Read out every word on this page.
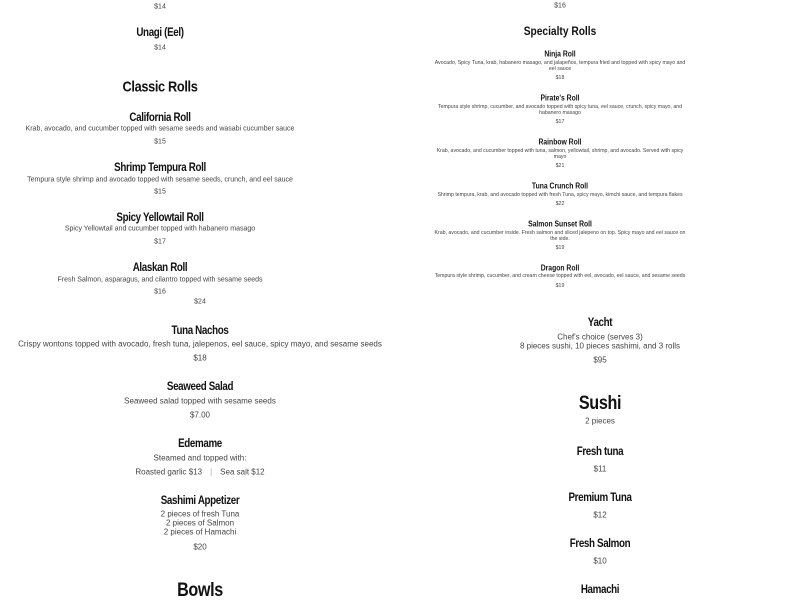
$14
Unagi (Eel)
$14
Classic Rolls
California Roll
Krab, avocado, and cucumber topped with sesame seeds and wasabi cucumber sauce
$15
Shrimp Tempura Roll
Tempura style shrimp and avocado topped with sesame seeds, crunch, and eel sauce
$15
Spicy Yellowtail Roll
Spicy Yellowtail and cucumber topped with habanero masago
$17
Alaskan Roll
Fresh Salmon, asparagus, and cilantro topped with sesame seeds
$16
$24
Tuna Nachos
Crispy wontons topped with avocado, fresh tuna, jalepenos, eel sauce, spicy mayo, and sesame seeds
$18
Seaweed Salad
Seaweed salad topped with sesame seeds
$7.00
Edemame
Steamed and topped with:
Roasted garlic $13 | Sea salt $12
Sashimi Appetizer
2 pieces of fresh Tuna
2 pieces of Salmon
2 pieces of Hamachi
$20
Bowls
$16
Specialty Rolls
Ninja Roll
Avocado, Spicy Tuna, krab, habanero masago, and jalapeños, tempura fried and topped with spicy mayo and eel sauce
$18
Pirate's Roll
Tempura style shrimp, cucumber, and avocado topped with spicy tuna, eel sauce, crunch, spicy mayo, and habanero masago
$17
Rainbow Roll
Krab, avocado, and cucumber topped with tuna, salmon, yellowtail, shrimp, and avocado. Served with spicy mayo
$21
Tuna Crunch Roll
Shrimp tempura, krab, and avocado topped with fresh Tuna, spicy mayo, kimchi sauce, and tempura flakes
$22
Salmon Sunset Roll
Krab, avocado, and cucumber inside. Fresh salmon and sliced jalepeno on top. Spicy mayo and eel sauce on the side.
$19
Dragon Roll
Tempura style shrimp, cucumber, and cream cheese topped with eel, avocado, eel sauce, and sesame seeds
$19
Yacht
Chef's choice (serves 3)
8 pieces sushi, 10 pieces sashimi, and 3 rolls
$95
Sushi
2 pieces
Fresh tuna
$11
Premium Tuna
$12
Fresh Salmon
$10
Hamachi
